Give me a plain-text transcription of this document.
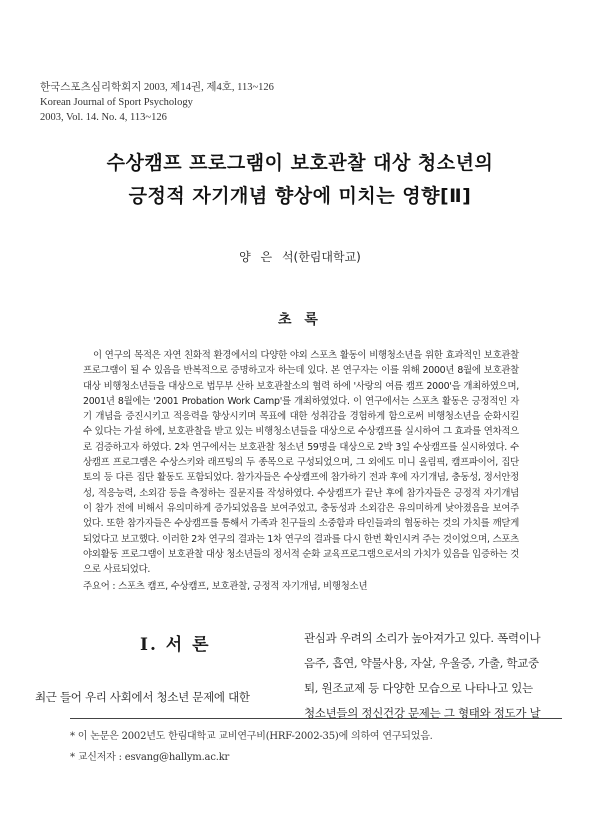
한국스포츠심리학회지 2003, 제14권, 제4호, 113~126
Korean Journal of Sport Psychology
2003, Vol. 14. No. 4, 113~126
수상캠프 프로그램이 보호관찰 대상 청소년의
긍정적 자기개념 향상에 미치는 영향[Ⅱ]
양 은 석(한림대학교)
초 록

이 연구의 목적은 자연 친화적 환경에서의 다양한 야외 스포츠 활동이 비행청소년을 위한 효과적인 보호관찰 프로그램이 될 수 있음을 반복적으로 증명하고자 하는데 있다. 본 연구자는 이를 위해 2000년 8월에 보호관찰 대상 비행청소년들을 대상으로 법무부 산하 보호관찰소의 협력 하에 '사랑의 여름 캠프 2000'을 개최하였으며, 2001년 8월에는 '2001 Probation Work Camp'를 개최하였었다. 이 연구에서는 스포츠 활동은 긍정적인 자기 개념을 증진시키고 적응력을 향상시키며 목표에 대한 성취감을 경험하게 함으로써 비행청소년을 순화시킬 수 있다는 가설 하에, 보호관찰을 받고 있는 비행청소년들을 대상으로 수상캠프를 실시하여 그 효과를 연차적으로 검증하고자 하였다. 2차 연구에서는 보호관찰 청소년 59명을 대상으로 2박 3일 수상캠프를 실시하였다. 수상캠프 프로그램은 수상스키와 래프팅의 두 종목으로 구성되었으며, 그 외에도 미니 올림픽, 캠프파이어, 집단 토의 등 다른 집단 활동도 포함되었다. 참가자들은 수상캠프에 참가하기 전과 후에 자기개념, 충동성, 정서안정성, 적응능력, 소외감 등을 측정하는 질문지를 작성하였다. 수상캠프가 끝난 후에 참가자들은 긍정적 자기개념이 참가 전에 비해서 유의미하게 증가되었음을 보여주었고, 충동성과 소외감은 유의미하게 낮아졌음을 보여주었다. 또한 참가자들은 수상캠프를 통해서 가족과 친구들의 소중함과 타인들과의 협동하는 것의 가치를 깨닫게 되었다고 보고했다. 이러한 2차 연구의 결과는 1차 연구의 결과를 다시 한번 확인시켜 주는 것이었으며, 스포츠 야외활동 프로그램이 보호관찰 대상 청소년들의 정서적 순화 교육프로그램으로서의 가치가 있음을 입증하는 것으로 사료되었다.

주요어 : 스포츠 캠프, 수상캠프, 보호관찰, 긍정적 자기개념, 비행청소년
Ⅰ. 서 론
최근 들어 우리 사회에서 청소년 문제에 대한
관심과 우려의 소리가 높아져가고 있다. 폭력이나
음주, 흡연, 약물사용, 자살, 우울증, 가출, 학교중
퇴, 원조교제 등 다양한 모습으로 나타나고 있는
청소년들의 정신건강 문제는 그 형태와 정도가 날
* 이 논문은 2002년도 한림대학교 교비연구비(HRF-2002-35)에 의하여 연구되었음.
* 교신저자 : esvang@hallym.ac.kr
